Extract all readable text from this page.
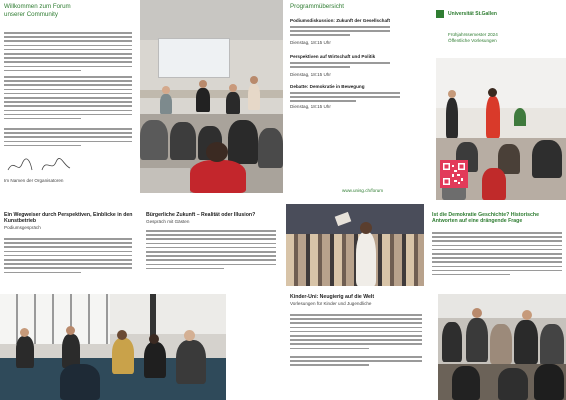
Willkommen zum Forum
unserer Community
Im Namen der Organisatoren
Programmübersicht
Podiumsdiskussion: Zukunft der Gesellschaft
Dienstag, 18:15 Uhr
Perspektiven auf Wirtschaft und Politik
Dienstag, 18:15 Uhr
Debatte: Demokratie in Bewegung
Dienstag, 18:15 Uhr
www.unisg.ch/forum
Universität St.Gallen
Frühjahrssemester 2024
Öffentliche Vorlesungen
Ein Wegweiser durch Perspektiven, Einblicke in den
Kunstbetrieb
Podiumsgespräch
Bürgerliche Zukunft – Realität oder Illusion?
Gespräch mit Gästen
Ist die Demokratie Geschichte? Historische
Antworten auf eine drängende Frage
Kinder-Uni: Neugierig auf die Welt
Vorlesungen für Kinder und Jugendliche
